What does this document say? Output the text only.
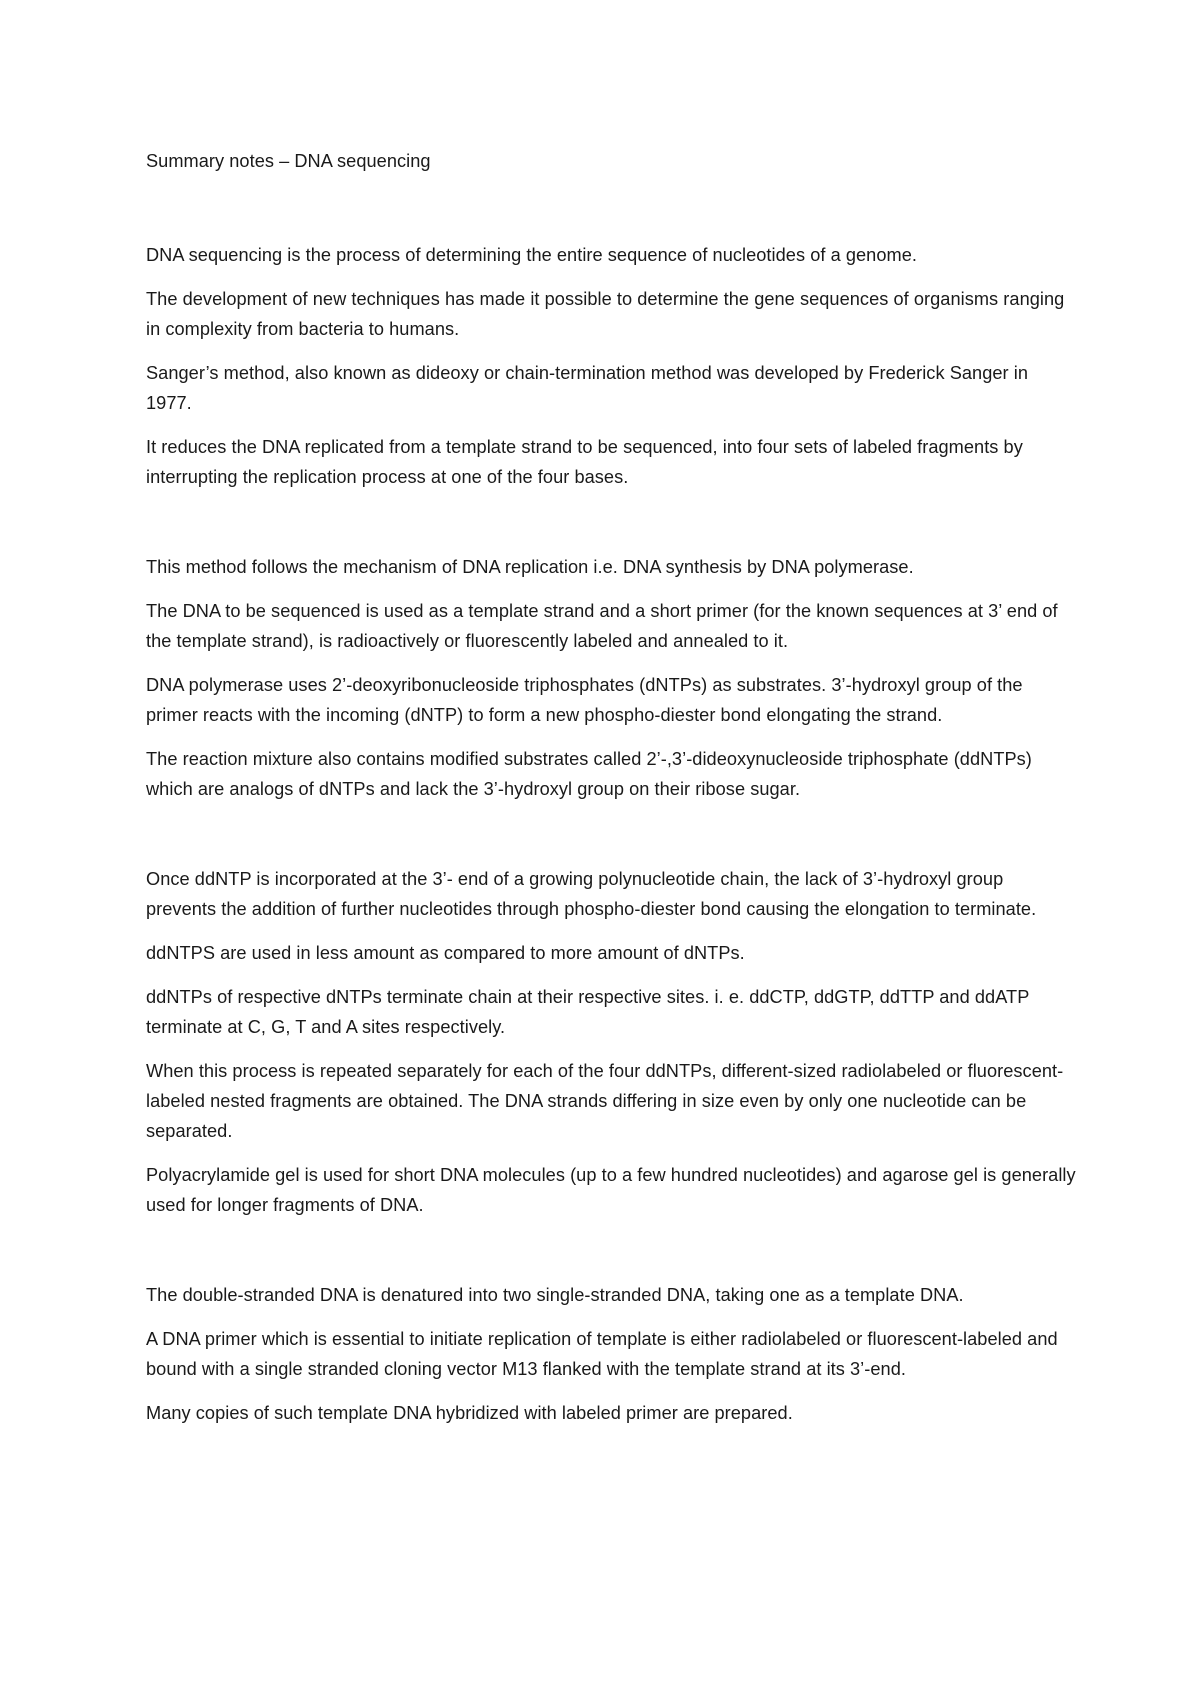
Summary notes – DNA sequencing

DNA sequencing is the process of determining the entire sequence of nucleotides of a genome.

The development of new techniques has made it possible to determine the gene sequences of organisms ranging in complexity from bacteria to humans.

Sanger’s method, also known as dideoxy or chain-termination method was developed by Frederick Sanger in 1977.

It reduces the DNA replicated from a template strand to be sequenced, into four sets of labeled fragments by interrupting the replication process at one of the four bases.

This method follows the mechanism of DNA replication i.e. DNA synthesis by DNA polymerase.

The DNA to be sequenced is used as a template strand and a short primer (for the known sequences at 3’ end of the template strand), is radioactively or fluorescently labeled and annealed to it.

DNA polymerase uses 2’-deoxyribonucleoside triphosphates (dNTPs) as substrates. 3’-hydroxyl group of the primer reacts with the incoming (dNTP) to form a new phospho-diester bond elongating the strand.

The reaction mixture also contains modified substrates called 2’-,3’-dideoxynucleoside triphosphate (ddNTPs) which are analogs of dNTPs and lack the 3’-hydroxyl group on their ribose sugar.

Once ddNTP is incorporated at the 3’- end of a growing polynucleotide chain, the lack of 3’-hydroxyl group prevents the addition of further nucleotides through phospho-diester bond causing the elongation to terminate.

ddNTPS are used in less amount as compared to more amount of dNTPs.

ddNTPs of respective dNTPs terminate chain at their respective sites. i. e. ddCTP, ddGTP, ddTTP and ddATP terminate at C, G, T and A sites respectively.

When this process is repeated separately for each of the four ddNTPs, different-sized radiolabeled or fluorescent-labeled nested fragments are obtained. The DNA strands differing in size even by only one nucleotide can be separated.

Polyacrylamide gel is used for short DNA molecules (up to a few hundred nucleotides) and agarose gel is generally used for longer fragments of DNA.

The double-stranded DNA is denatured into two single-stranded DNA, taking one as a template DNA.

A DNA primer which is essential to initiate replication of template is either radiolabeled or fluorescent-labeled and bound with a single stranded cloning vector M13 flanked with the template strand at its 3’-end.

Many copies of such template DNA hybridized with labeled primer are prepared.
